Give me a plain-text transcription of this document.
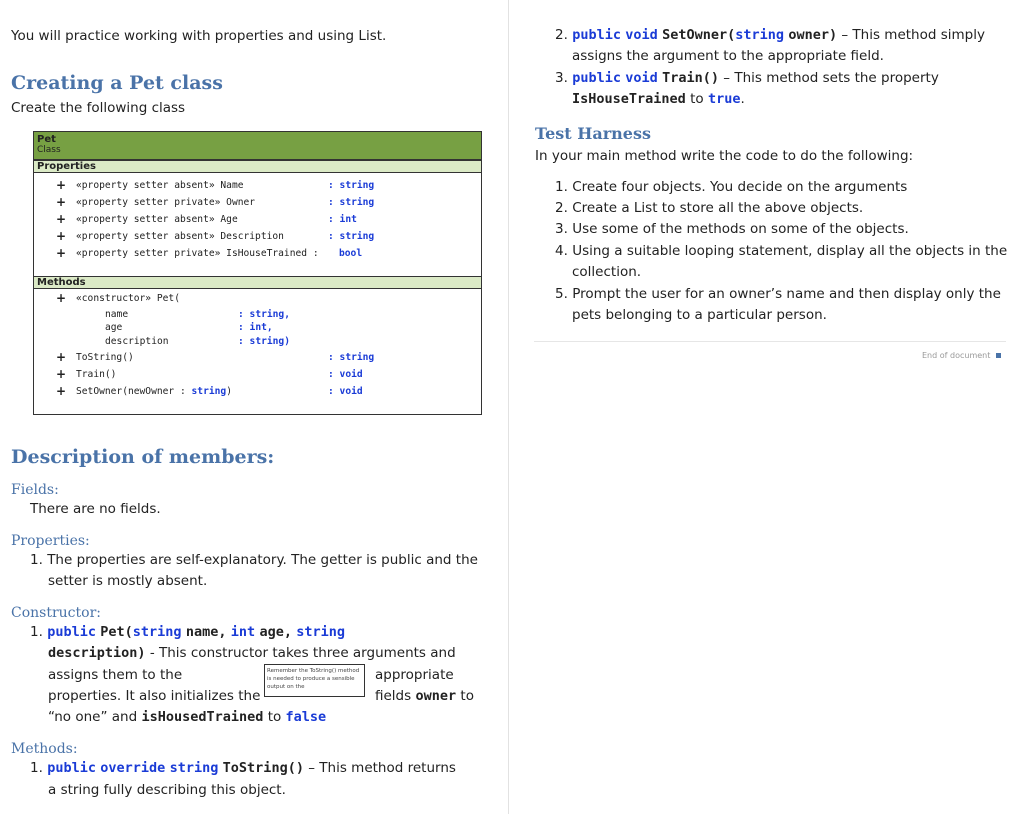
You will practice working with properties and using List.
Creating a Pet class
Create the following class
Pet
Class
Properties
+ «property setter absent» Name	: string
+ «property setter private» Owner	: string
+ «property setter absent» Age	: int
+ «property setter absent» Description	: string
+ «property setter private» IsHouseTrained : bool
Methods
+ «constructor» Pet(
name	: string,
age	: int,
description	: string)
+ ToString()	: string
+ Train()	: void
+ SetOwner(newOwner : string)	: void
Description of members:
Fields:
There are no fields.
Properties:
1. The properties are self-explanatory. The getter is public and the
setter is mostly absent.
Constructor:
1. public Pet(string name, int age, string
description) - This constructor takes three arguments and
assigns them to the	appropriate
properties. It also initializes the	fields owner to
“no one” and isHousedTrained to false
Remember the ToString() method is needed to produce a sensible output on the
Methods:
1. public override string ToString() – This method returns
a string fully describing this object.
2. public void SetOwner(string owner) – This method simply
assigns the argument to the appropriate field.
3. public void Train() – This method sets the property
IsHouseTrained to true.
Test Harness
In your main method write the code to do the following:
1. Create four objects. You decide on the arguments
2. Create a List to store all the above objects.
3. Use some of the methods on some of the objects.
4. Using a suitable looping statement, display all the objects in the
collection.
5. Prompt the user for an owner’s name and then display only the
pets belonging to a particular person.
End of document
